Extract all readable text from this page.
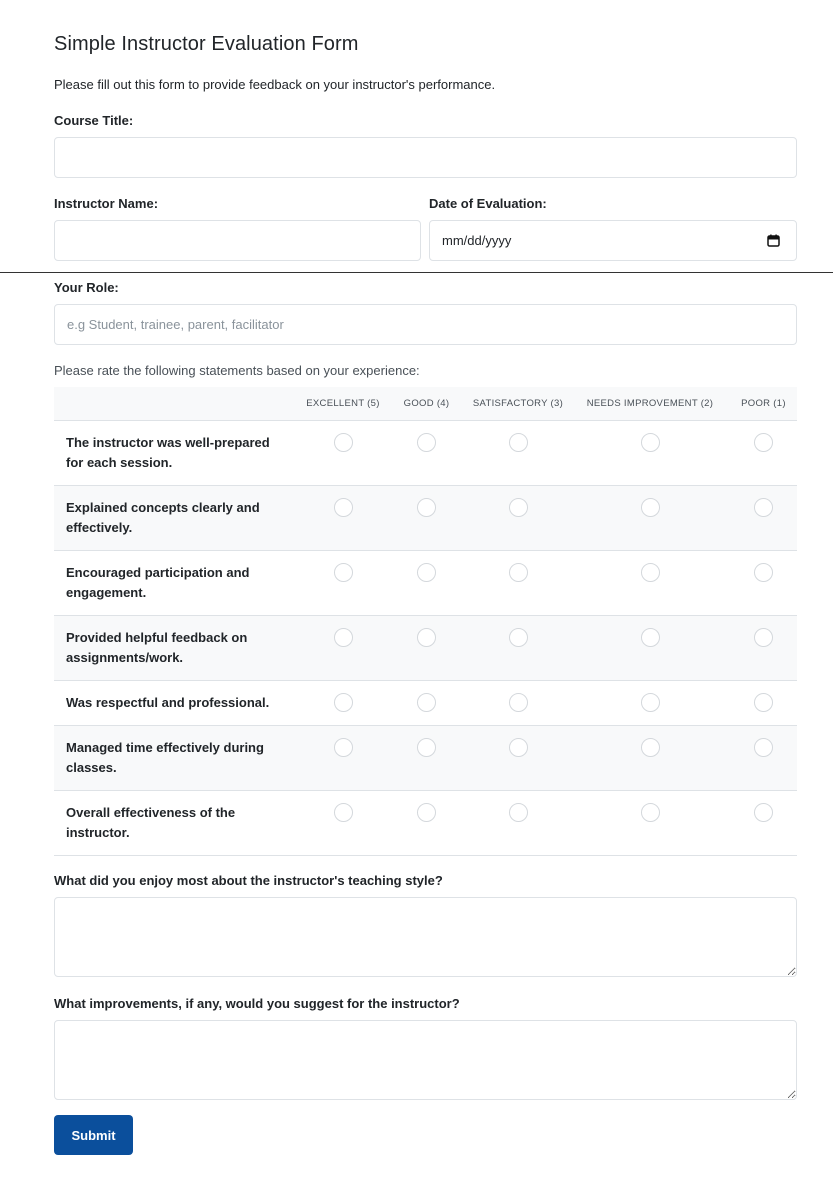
Simple Instructor Evaluation Form
Please fill out this form to provide feedback on your instructor's performance.
Course Title:
Instructor Name:	Date of Evaluation:
mm/dd/yyyy
Your Role:
e.g Student, trainee, parent, facilitator
Please rate the following statements based on your experience:
	EXCELLENT (5)	GOOD (4)	SATISFACTORY (3)	NEEDS IMPROVEMENT (2)	POOR (1)
The instructor was well-prepared for each session.					
Explained concepts clearly and effectively.					
Encouraged participation and engagement.					
Provided helpful feedback on assignments/work.					
Was respectful and professional.					
Managed time effectively during classes.					
Overall effectiveness of the instructor.					
What did you enjoy most about the instructor's teaching style?
What improvements, if any, would you suggest for the instructor?
Submit
